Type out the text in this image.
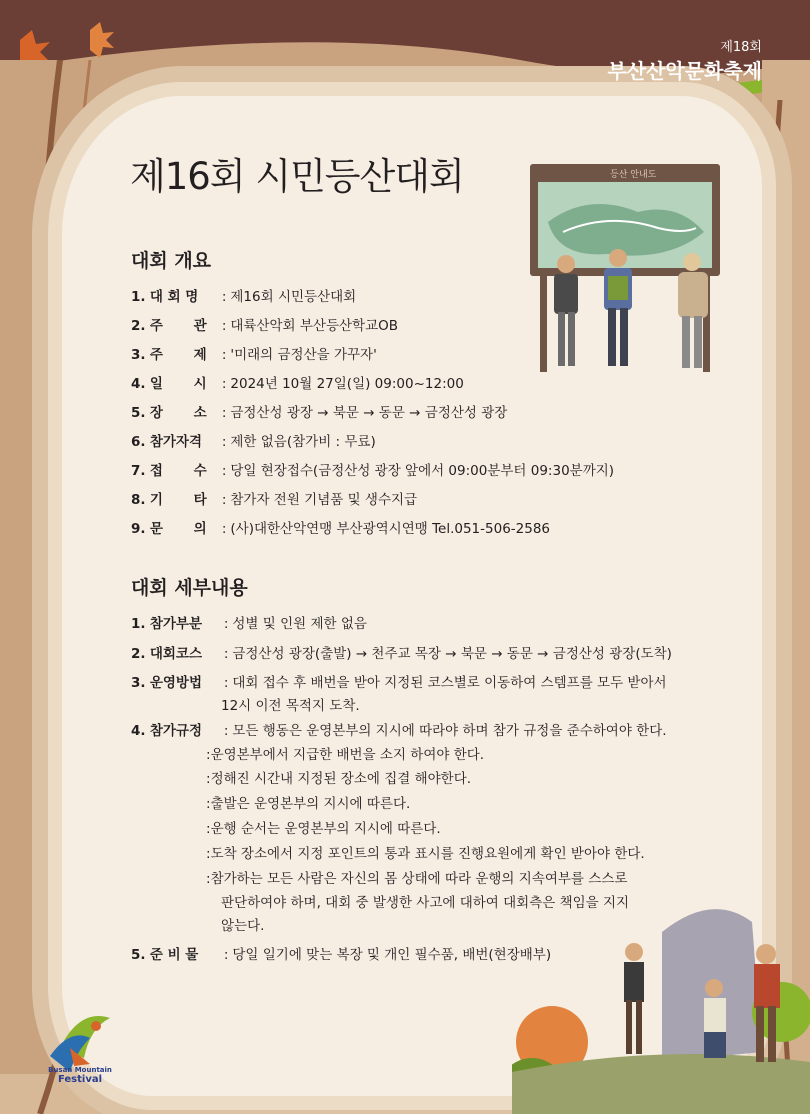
제18회
부산산악문화축제
등산 안내도
Busan Mountain
Festival
제16회 시민등산대회
대회 개요
1. 대 회 명 : 제16회 시민등산대회
2. 주 관 : 대륙산악회 부산등산학교OB
3. 주 제 : '미래의 금정산을 가꾸자'
4. 일 시 : 2024년 10월 27일(일) 09:00~12:00
5. 장 소 : 금정산성 광장 → 북문 → 동문 → 금정산성 광장
6. 참가자격 : 제한 없음(참가비 : 무료)
7. 접 수 : 당일 현장접수(금정산성 광장 앞에서 09:00분부터 09:30분까지)
8. 기 타 : 참가자 전원 기념품 및 생수지급
9. 문 의 : (사)대한산악연맹 부산광역시연맹 Tel.051-506-2586
대회 세부내용
1. 참가부분 : 성별 및 인원 제한 없음
2. 대회코스 : 금정산성 광장(출발) → 천주교 목장 → 북문 → 동문 → 금정산성 광장(도착)
3. 운영방법 : 대회 접수 후 배번을 받아 지정된 코스별로 이동하여 스템프를 모두 받아서
12시 이전 목적지 도착.
4. 참가규정 : 모든 행동은 운영본부의 지시에 따라야 하며 참가 규정을 준수하여야 한다.
:운영본부에서 지급한 배번을 소지 하여야 한다.
:정해진 시간내 지정된 장소에 집결 해야한다.
:출발은 운영본부의 지시에 따른다.
:운행 순서는 운영본부의 지시에 따른다.
:도착 장소에서 지정 포인트의 통과 표시를 진행요원에게 확인 받아야 한다.
:참가하는 모든 사람은 자신의 몸 상태에 따라 운행의 지속여부를 스스로
판단하여야 하며, 대회 중 발생한 사고에 대하여 대회측은 책임을 지지
않는다.
5. 준 비 물 : 당일 일기에 맞는 복장 및 개인 필수품, 배번(현장배부)
